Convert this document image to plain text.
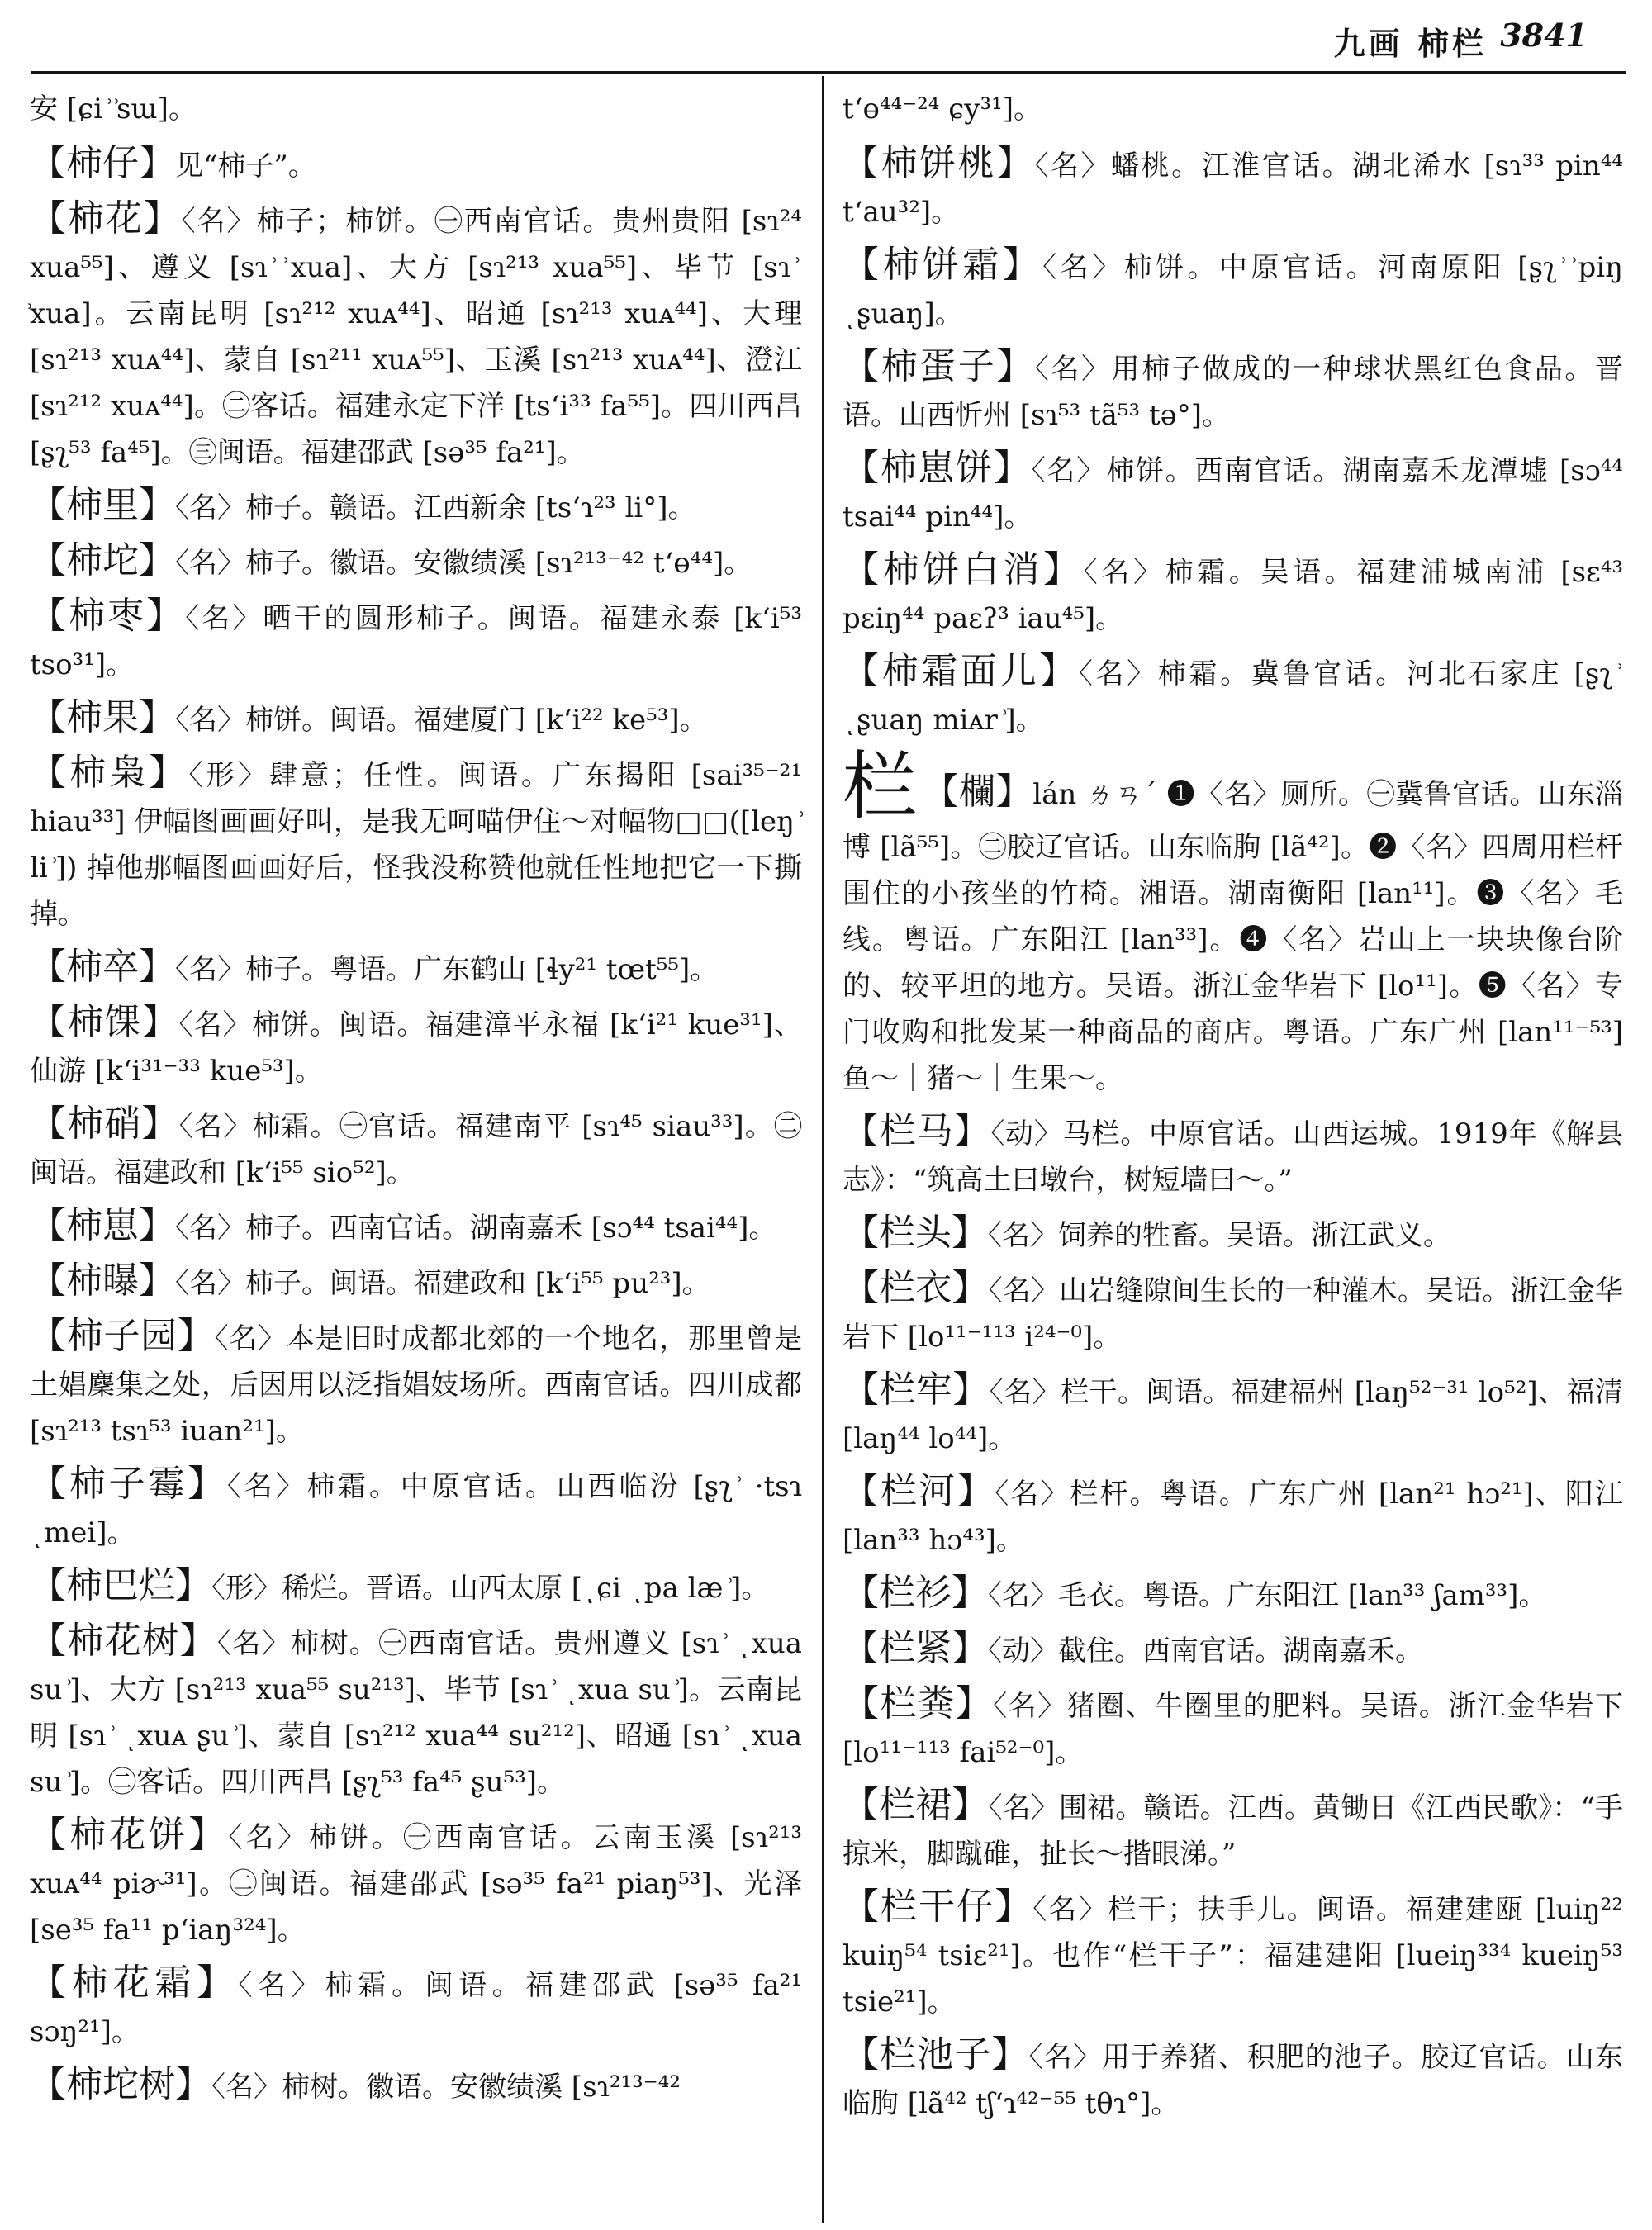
九画 柿栏 3841
安 [ɕi ͗ ͗sɯ]。
【柿仔】见“柿子”。
【柿花】〈名〉柿子；柿饼。㊀西南官话。贵州贵阳 [sɿ²⁴ xua⁵⁵]、遵义 [sɿ ͗ ͗xua]、大方 [sɿ²¹³ xua⁵⁵]、毕节 [sɿ ͗ ͗xua]。云南昆明 [sɿ²¹² xuᴀ⁴⁴]、昭通 [sɿ²¹³ xuᴀ⁴⁴]、大理 [sɿ²¹³ xuᴀ⁴⁴]、蒙自 [sɿ²¹¹ xuᴀ⁵⁵]、玉溪 [sɿ²¹³ xuᴀ⁴⁴]、澄江 [sɿ²¹² xuᴀ⁴⁴]。㊁客话。福建永定下洋 [tsʻi³³ fa⁵⁵]。四川西昌 [ʂʅ⁵³ fa⁴⁵]。㊂闽语。福建邵武 [sə³⁵ fa²¹]。
【柿里】〈名〉柿子。赣语。江西新余 [tsʻɿ²³ li°]。
【柿坨】〈名〉柿子。徽语。安徽绩溪 [sɿ²¹³⁻⁴² tʻɵ⁴⁴]。
【柿枣】〈名〉晒干的圆形柿子。闽语。福建永泰 [kʻi⁵³ tso³¹]。
【柿果】〈名〉柿饼。闽语。福建厦门 [kʻi²² ke⁵³]。
【柿枭】〈形〉肆意；任性。闽语。广东揭阳 [sai³⁵⁻²¹ hiau³³] 伊幅图画画好叫，是我无呵喵伊住～对幅物□□([leŋ ͗ li ͗]) 掉他那幅图画画好后，怪我没称赞他就任性地把它一下撕掉。
【柿卒】〈名〉柿子。粤语。广东鹤山 [ɬy²¹ tœt⁵⁵]。
【柿馃】〈名〉柿饼。闽语。福建漳平永福 [kʻi²¹ kue³¹]、仙游 [kʻi³¹⁻³³ kue⁵³]。
【柿硝】〈名〉柿霜。㊀官话。福建南平 [sɿ⁴⁵ siau³³]。㊁闽语。福建政和 [kʻi⁵⁵ sio⁵²]。
【柿崽】〈名〉柿子。西南官话。湖南嘉禾 [sɔ⁴⁴ tsai⁴⁴]。
【柿曝】〈名〉柿子。闽语。福建政和 [kʻi⁵⁵ pu²³]。
【柿子园】〈名〉本是旧时成都北郊的一个地名，那里曾是土娼麇集之处，后因用以泛指娼妓场所。西南官话。四川成都 [sɿ²¹³ tsɿ⁵³ iuan²¹]。
【柿子霉】〈名〉柿霜。中原官话。山西临汾 [ʂʅ ͗ ·tsɿ ͺmei]。
【柿巴烂】〈形〉稀烂。晋语。山西太原 [ͺɕi ͺpa læ ͗]。
【柿花树】〈名〉柿树。㊀西南官话。贵州遵义 [sɿ ͗ ͺxua su ͗]、大方 [sɿ²¹³ xua⁵⁵ su²¹³]、毕节 [sɿ ͗ ͺxua su ͗]。云南昆明 [sɿ ͗ ͺxuᴀ ʂu ͗]、蒙自 [sɿ²¹² xua⁴⁴ su²¹²]、昭通 [sɿ ͗ ͺxua su ͗]。㊁客话。四川西昌 [ʂʅ⁵³ fa⁴⁵ ʂu⁵³]。
【柿花饼】〈名〉柿饼。㊀西南官话。云南玉溪 [sɿ²¹³ xuᴀ⁴⁴ piɚ³¹]。㊁闽语。福建邵武 [sə³⁵ fa²¹ piaŋ⁵³]、光泽 [se³⁵ fa¹¹ pʻiaŋ³²⁴]。
【柿花霜】〈名〉柿霜。闽语。福建邵武 [sə³⁵ fa²¹ sɔŋ²¹]。
【柿坨树】〈名〉柿树。徽语。安徽绩溪 [sɿ²¹³⁻⁴²
tʻɵ⁴⁴⁻²⁴ ɕy³¹]。
【柿饼桃】〈名〉蟠桃。江淮官话。湖北浠水 [sɿ³³ pin⁴⁴ tʻau³²]。
【柿饼霜】〈名〉柿饼。中原官话。河南原阳 [ʂʅ ͗ ͗piŋ ͺʂuaŋ]。
【柿蛋子】〈名〉用柿子做成的一种球状黑红色食品。晋语。山西忻州 [sɿ⁵³ tã⁵³ tə°]。
【柿崽饼】〈名〉柿饼。西南官话。湖南嘉禾龙潭墟 [sɔ⁴⁴ tsai⁴⁴ pin⁴⁴]。
【柿饼白消】〈名〉柿霜。吴语。福建浦城南浦 [sɛ⁴³ pɛiŋ⁴⁴ paɛʔ³ iau⁴⁵]。
【柿霜面儿】〈名〉柿霜。冀鲁官话。河北石家庄 [ʂʅ ͗ ͺʂuaŋ miᴀr ͗]。
栏 【欄】lán ㄌㄢˊ ❶〈名〉厕所。㊀冀鲁官话。山东淄博 [lã⁵⁵]。㊁胶辽官话。山东临朐 [lã⁴²]。❷〈名〉四周用栏杆围住的小孩坐的竹椅。湘语。湖南衡阳 [lan¹¹]。❸〈名〉毛线。粤语。广东阳江 [lan³³]。❹〈名〉岩山上一块块像台阶的、较平坦的地方。吴语。浙江金华岩下 [lo¹¹]。❺〈名〉专门收购和批发某一种商品的商店。粤语。广东广州 [lan¹¹⁻⁵³] 鱼～｜猪～｜生果～。
【栏马】〈动〉马栏。中原官话。山西运城。1919年《解县志》：“筑高土曰墩台，树短墙曰～。”
【栏头】〈名〉饲养的牲畜。吴语。浙江武义。
【栏衣】〈名〉山岩缝隙间生长的一种灌木。吴语。浙江金华岩下 [lo¹¹⁻¹¹³ i²⁴⁻⁰]。
【栏牢】〈名〉栏干。闽语。福建福州 [laŋ⁵²⁻³¹ lo⁵²]、福清 [laŋ⁴⁴ lo⁴⁴]。
【栏河】〈名〉栏杆。粤语。广东广州 [lan²¹ hɔ²¹]、阳江 [lan³³ hɔ⁴³]。
【栏衫】〈名〉毛衣。粤语。广东阳江 [lan³³ ʃam³³]。
【栏紧】〈动〉截住。西南官话。湖南嘉禾。
【栏粪】〈名〉猪圈、牛圈里的肥料。吴语。浙江金华岩下 [lo¹¹⁻¹¹³ fai⁵²⁻⁰]。
【栏裙】〈名〉围裙。赣语。江西。黄锄日《江西民歌》：“手掠米，脚蹴碓，扯长～揩眼涕。”
【栏干仔】〈名〉栏干；扶手儿。闽语。福建建瓯 [luiŋ²² kuiŋ⁵⁴ tsiɛ²¹]。也作“栏干子”：福建建阳 [lueiŋ³³⁴ kueiŋ⁵³ tsie²¹]。
【栏池子】〈名〉用于养猪、积肥的池子。胶辽官话。山东临朐 [lã⁴² tʃʻɿ⁴²⁻⁵⁵ tθɿ°]。
